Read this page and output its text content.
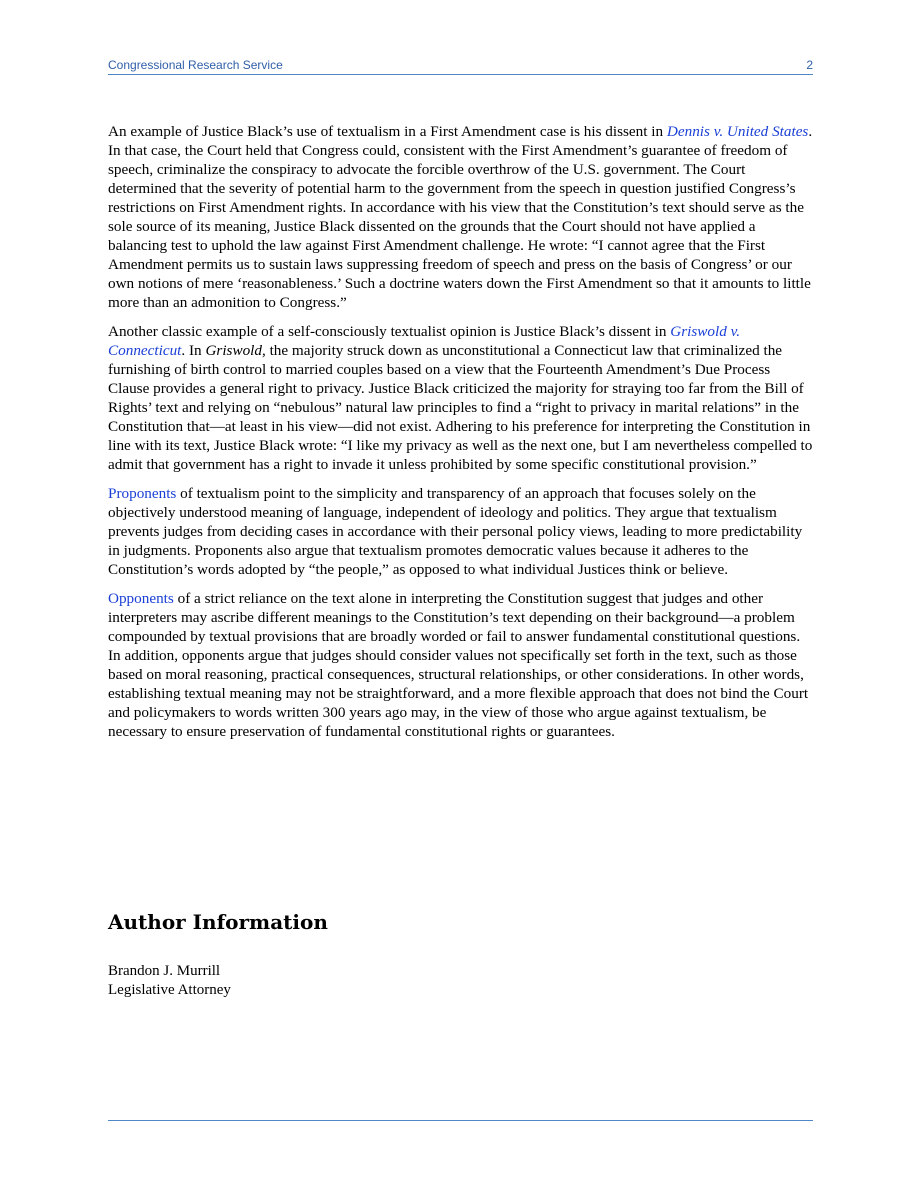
Congressional Research Service	2

An example of Justice Black’s use of textualism in a First Amendment case is his dissent in Dennis v. United States. In that case, the Court held that Congress could, consistent with the First Amendment’s guarantee of freedom of speech, criminalize the conspiracy to advocate the forcible overthrow of the U.S. government. The Court determined that the severity of potential harm to the government from the speech in question justified Congress’s restrictions on First Amendment rights. In accordance with his view that the Constitution’s text should serve as the sole source of its meaning, Justice Black dissented on the grounds that the Court should not have applied a balancing test to uphold the law against First Amendment challenge. He wrote: “I cannot agree that the First Amendment permits us to sustain laws suppressing freedom of speech and press on the basis of Congress’ or our own notions of mere ‘reasonableness.’ Such a doctrine waters down the First Amendment so that it amounts to little more than an admonition to Congress.”

Another classic example of a self-consciously textualist opinion is Justice Black’s dissent in Griswold v. Connecticut. In Griswold, the majority struck down as unconstitutional a Connecticut law that criminalized the furnishing of birth control to married couples based on a view that the Fourteenth Amendment’s Due Process Clause provides a general right to privacy. Justice Black criticized the majority for straying too far from the Bill of Rights’ text and relying on “nebulous” natural law principles to find a “right to privacy in marital relations” in the Constitution that—at least in his view—did not exist. Adhering to his preference for interpreting the Constitution in line with its text, Justice Black wrote: “I like my privacy as well as the next one, but I am nevertheless compelled to admit that government has a right to invade it unless prohibited by some specific constitutional provision.”

Proponents of textualism point to the simplicity and transparency of an approach that focuses solely on the objectively understood meaning of language, independent of ideology and politics. They argue that textualism prevents judges from deciding cases in accordance with their personal policy views, leading to more predictability in judgments. Proponents also argue that textualism promotes democratic values because it adheres to the Constitution’s words adopted by “the people,” as opposed to what individual Justices think or believe.

Opponents of a strict reliance on the text alone in interpreting the Constitution suggest that judges and other interpreters may ascribe different meanings to the Constitution’s text depending on their background—a problem compounded by textual provisions that are broadly worded or fail to answer fundamental constitutional questions. In addition, opponents argue that judges should consider values not specifically set forth in the text, such as those based on moral reasoning, practical consequences, structural relationships, or other considerations. In other words, establishing textual meaning may not be straightforward, and a more flexible approach that does not bind the Court and policymakers to words written 300 years ago may, in the view of those who argue against textualism, be necessary to ensure preservation of fundamental constitutional rights or guarantees.

Author Information
Brandon J. Murrill
Legislative Attorney
